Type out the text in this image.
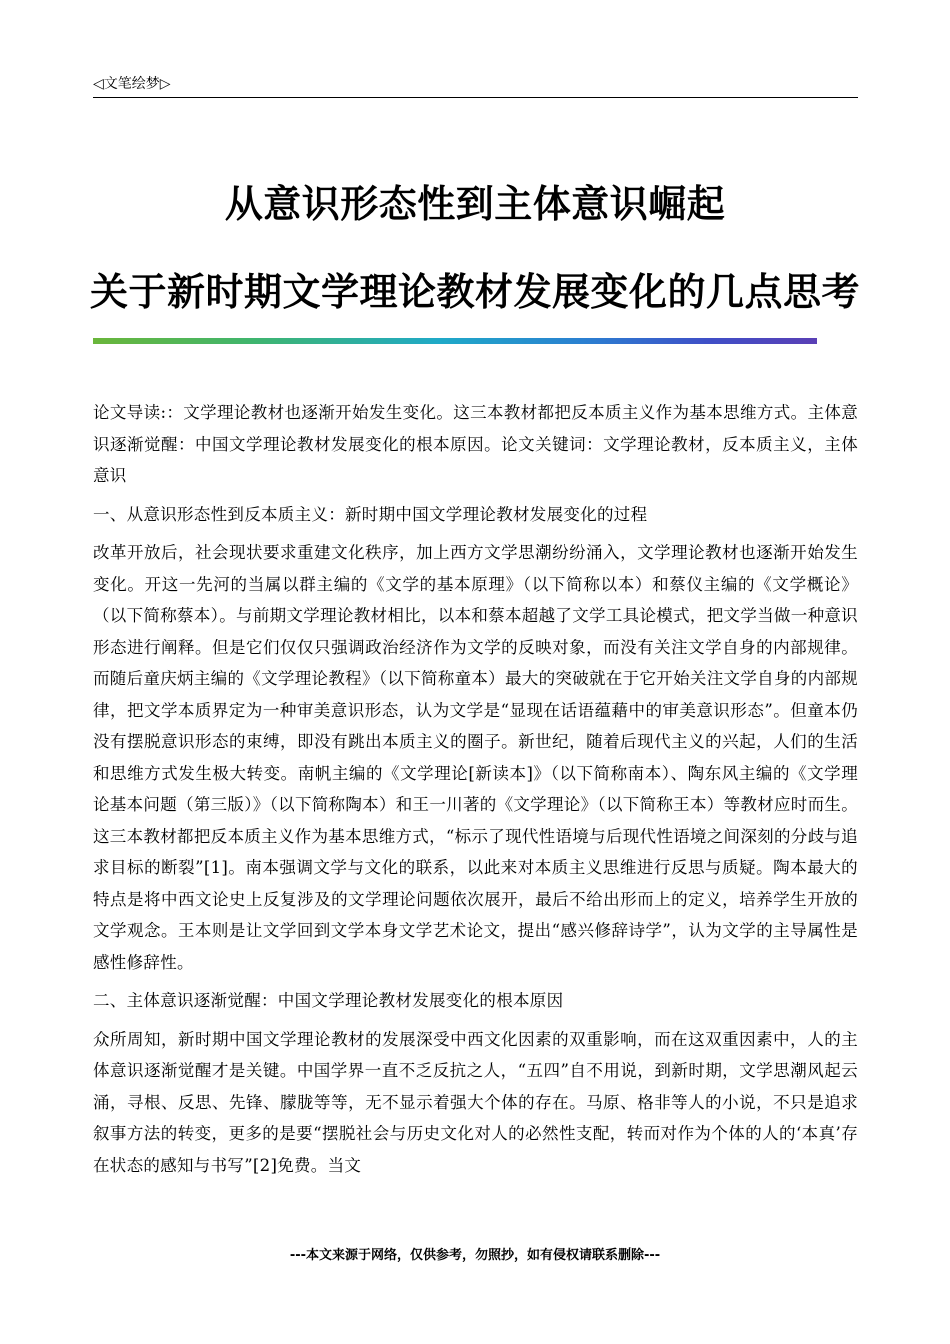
◁文笔绘梦▷
从意识形态性到主体意识崛起
关于新时期文学理论教材发展变化的几点思考

论文导读:：文学理论教材也逐渐开始发生变化。这三本教材都把反本质主义作为基本思维方式。主体意识逐渐觉醒：中国文学理论教材发展变化的根本原因。论文关键词：文学理论教材，反本质主义，主体意识

一、从意识形态性到反本质主义：新时期中国文学理论教材发展变化的过程

改革开放后，社会现状要求重建文化秩序，加上西方文学思潮纷纷涌入，文学理论教材也逐渐开始发生变化。开这一先河的当属以群主编的《文学的基本原理》（以下简称以本）和蔡仪主编的《文学概论》（以下简称蔡本）。与前期文学理论教材相比，以本和蔡本超越了文学工具论模式，把文学当做一种意识形态进行阐释。但是它们仅仅只强调政治经济作为文学的反映对象，而没有关注文学自身的内部规律。而随后童庆炳主编的《文学理论教程》（以下简称童本）最大的突破就在于它开始关注文学自身的内部规律，把文学本质界定为一种审美意识形态，认为文学是“显现在话语蕴藉中的审美意识形态”。但童本仍没有摆脱意识形态的束缚，即没有跳出本质主义的圈子。新世纪，随着后现代主义的兴起，人们的生活和思维方式发生极大转变。南帆主编的《文学理论[新读本]》（以下简称南本）、陶东风主编的《文学理论基本问题（第三版）》（以下简称陶本）和王一川著的《文学理论》（以下简称王本）等教材应时而生。这三本教材都把反本质主义作为基本思维方式，“标示了现代性语境与后现代性语境之间深刻的分歧与追求目标的断裂”[1]。南本强调文学与文化的联系，以此来对本质主义思维进行反思与质疑。陶本最大的特点是将中西文论史上反复涉及的文学理论问题依次展开，最后不给出形而上的定义，培养学生开放的文学观念。王本则是让文学回到文学本身文学艺术论文，提出“感兴修辞诗学”，认为文学的主导属性是感性修辞性。

二、主体意识逐渐觉醒：中国文学理论教材发展变化的根本原因

众所周知，新时期中国文学理论教材的发展深受中西文化因素的双重影响，而在这双重因素中，人的主体意识逐渐觉醒才是关键。中国学界一直不乏反抗之人，“五四”自不用说，到新时期，文学思潮风起云涌，寻根、反思、先锋、朦胧等等，无不显示着强大个体的存在。马原、格非等人的小说，不只是追求叙事方法的转变，更多的是要“摆脱社会与历史文化对人的必然性支配，转而对作为个体的人的‘本真’存在状态的感知与书写”[2]免费。当文

---本文来源于网络，仅供参考，勿照抄，如有侵权请联系删除---
